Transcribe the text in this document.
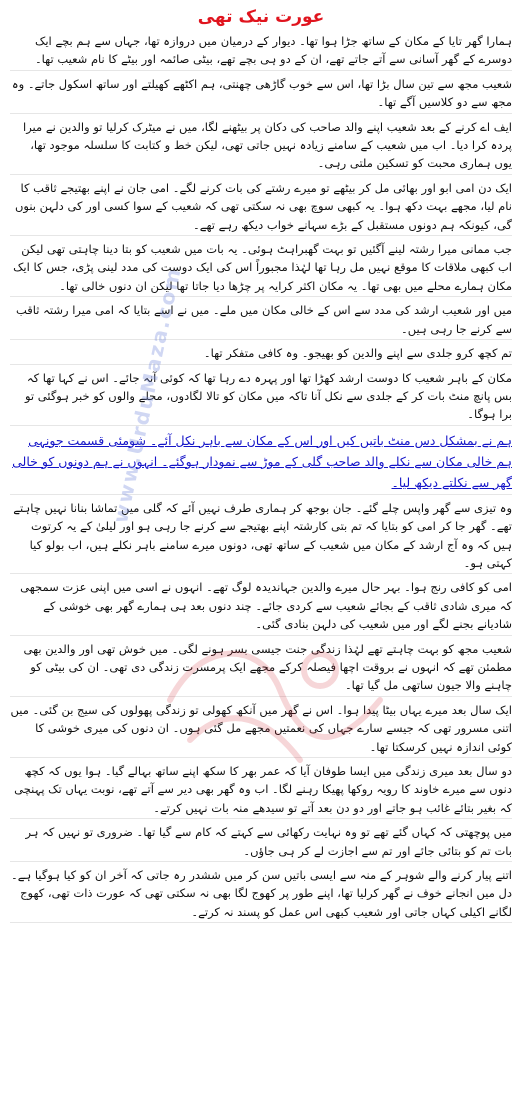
عورت نیک تھی

ہمارا گھر تایا کے مکان کے ساتھ جڑا ہوا تھا۔ دیوار کے درمیان میں دروازہ تھا، جہاں سے ہم بچے ایک دوسرے کے گھر آسانی سے آتے جاتے تھے، ان کے دو ہی بچے تھے، بیٹی صائمہ اور بیٹے کا نام شعیب تھا۔

شعیب مجھ سے تین سال بڑا تھا، اس سے خوب گاڑھی چھنتی، ہم اکٹھے کھیلتے اور ساتھ اسکول جاتے۔ وہ مجھ سے دو کلاسیں آگے تھا۔

ایف اے کرنے کے بعد شعیب اپنے والد صاحب کی دکان پر بیٹھنے لگا، میں نے میٹرک کرلیا تو والدین نے میرا پردہ کرا دیا۔ اب میں شعیب کے سامنے زیادہ نہیں جاتی تھی، لیکن خط و کتابت کا سلسلہ موجود تھا، یوں ہماری محبت کو تسکین ملتی رہی۔

ایک دن امی ابو اور بھائی مل کر بیٹھے تو میرے رشتے کی بات کرنے لگے۔ امی جان نے اپنے بھتیجے ثاقب کا نام لیا، مجھے بہت دکھ ہوا۔ یہ کبھی سوچ بھی نہ سکتی تھی کہ شعیب کے سوا کسی اور کی دلہن بنوں گی، کیونکہ ہم دونوں مستقبل کے بڑے سہانے خواب دیکھ رہے تھے۔

جب ممانی میرا رشتہ لینے آگئیں تو بہت گھبراہٹ ہوئی۔ یہ بات میں شعیب کو بتا دینا چاہتی تھی لیکن اب کبھی ملاقات کا موقع نہیں مل رہا تھا لہٰذا مجبوراً اس کی ایک دوست کی مدد لینی پڑی، جس کا ایک مکان ہمارے محلے میں بھی تھا۔ یہ مکان اکثر کرایہ پر چڑھا دیا جاتا تھا لیکن ان دنوں خالی تھا۔

میں اور شعیب ارشد کی مدد سے اس کے خالی مکان میں ملے۔ میں نے اسے بتایا کہ امی میرا رشتہ ثاقب سے کرنے جا رہی ہیں۔

تم کچھ کرو جلدی سے اپنے والدین کو بھیجو۔ وہ کافی متفکر تھا۔

مکان کے باہر شعیب کا دوست ارشد کھڑا تھا اور پہرہ دے رہا تھا کہ کوئی آنہ جائے۔ اس نے کہا تھا کہ بس پانچ منٹ بات کر کے جلدی سے نکل آنا تاکہ میں مکان کو تالا لگادوں، محلے والوں کو خبر ہوگئی تو برا ہوگا۔

ہم نے بمشکل دس منٹ باتیں کیں اور اس کے مکان سے باہر نکل آئے۔ شومئی قسمت جونہی ہم خالی مکان سے نکلے والد صاحب گلی کے موڑ سے نمودار ہوگئے۔ انہوں نے ہم دونوں کو خالی گھر سے نکلتے دیکھ لیا۔

وہ تیزی سے گھر واپس چلے گئے۔ جان بوجھ کر ہماری طرف نہیں آئے کہ گلی میں تماشا بنانا نہیں چاہتے تھے۔ گھر جا کر امی کو بتایا کہ تم بتی کارشتہ اپنے بھتیجے سے کرنے جا رہی ہو اور لیلیٰ کے یہ کرتوت ہیں کہ وہ آج ارشد کے مکان میں شعیب کے ساتھ تھی، دونوں میرے سامنے باہر نکلے ہیں، اب بولو کیا کہتی ہو۔

امی کو کافی رنج ہوا۔ بہر حال میرے والدین جہاندیدہ لوگ تھے۔ انہوں نے اسی میں اپنی عزت سمجھی کہ میری شادی ثاقب کے بجائے شعیب سے کردی جائے۔ چند دنوں بعد ہی ہمارے گھر بھی خوشی کے شادیانے بجنے لگے اور میں شعیب کی دلہن بنادی گئی۔

شعیب مجھ کو بہت چاہتے تھے لہٰذا زندگی جنت جیسی بسر ہونے لگی۔ میں خوش تھی اور والدین بھی مطمئن تھے کہ انہوں نے بروقت اچھا فیصلہ کرکے مجھے ایک پرمسرت زندگی دی تھی۔ ان کی بیٹی کو چاہنے والا جیون ساتھی مل گیا تھا۔

ایک سال بعد میرے یہاں بیٹا پیدا ہوا۔ اس نے گھر میں آنکھ کھولی تو زندگی پھولوں کی سیج بن گئی۔ میں اتنی مسرور تھی کہ جیسے سارے جہاں کی نعمتیں مجھے مل گئی ہوں۔ ان دنوں کی میری خوشی کا کوئی اندازہ نہیں کرسکتا تھا۔

دو سال بعد میری زندگی میں ایسا طوفان آیا کہ عمر بھر کا سکھ اپنے ساتھ بہالے گیا۔ ہوا یوں کہ کچھ دنوں سے میرے خاوند کا رویہ روکھا پھیکا رہنے لگا۔ اب وہ گھر بھی دیر سے آتے تھے، نوبت یہاں تک پہنچی کہ بغیر بتائے غائب ہو جاتے اور دو دن بعد آتے تو سیدھے منہ بات نہیں کرتے۔

میں پوچھتی کہ کہاں گئے تھے تو وہ نہایت رکھائی سے کہتے کہ کام سے گیا تھا۔ ضروری تو نہیں کہ ہر بات تم کو بتائی جائے اور تم سے اجازت لے کر ہی جاؤں۔

اتنے پیار کرنے والے شوہر کے منہ سے ایسی باتیں سن کر میں ششدر رہ جاتی کہ آخر ان کو کیا ہوگیا ہے۔ دل میں انجانے خوف نے گھر کرلیا تھا، اپنے طور پر کھوج لگا بھی نہ سکتی تھی کہ عورت ذات تھی، کھوج لگانے اکیلی کہاں جاتی اور شعیب کبھی اس عمل کو پسند نہ کرتے۔

www.UrduMaza.com
